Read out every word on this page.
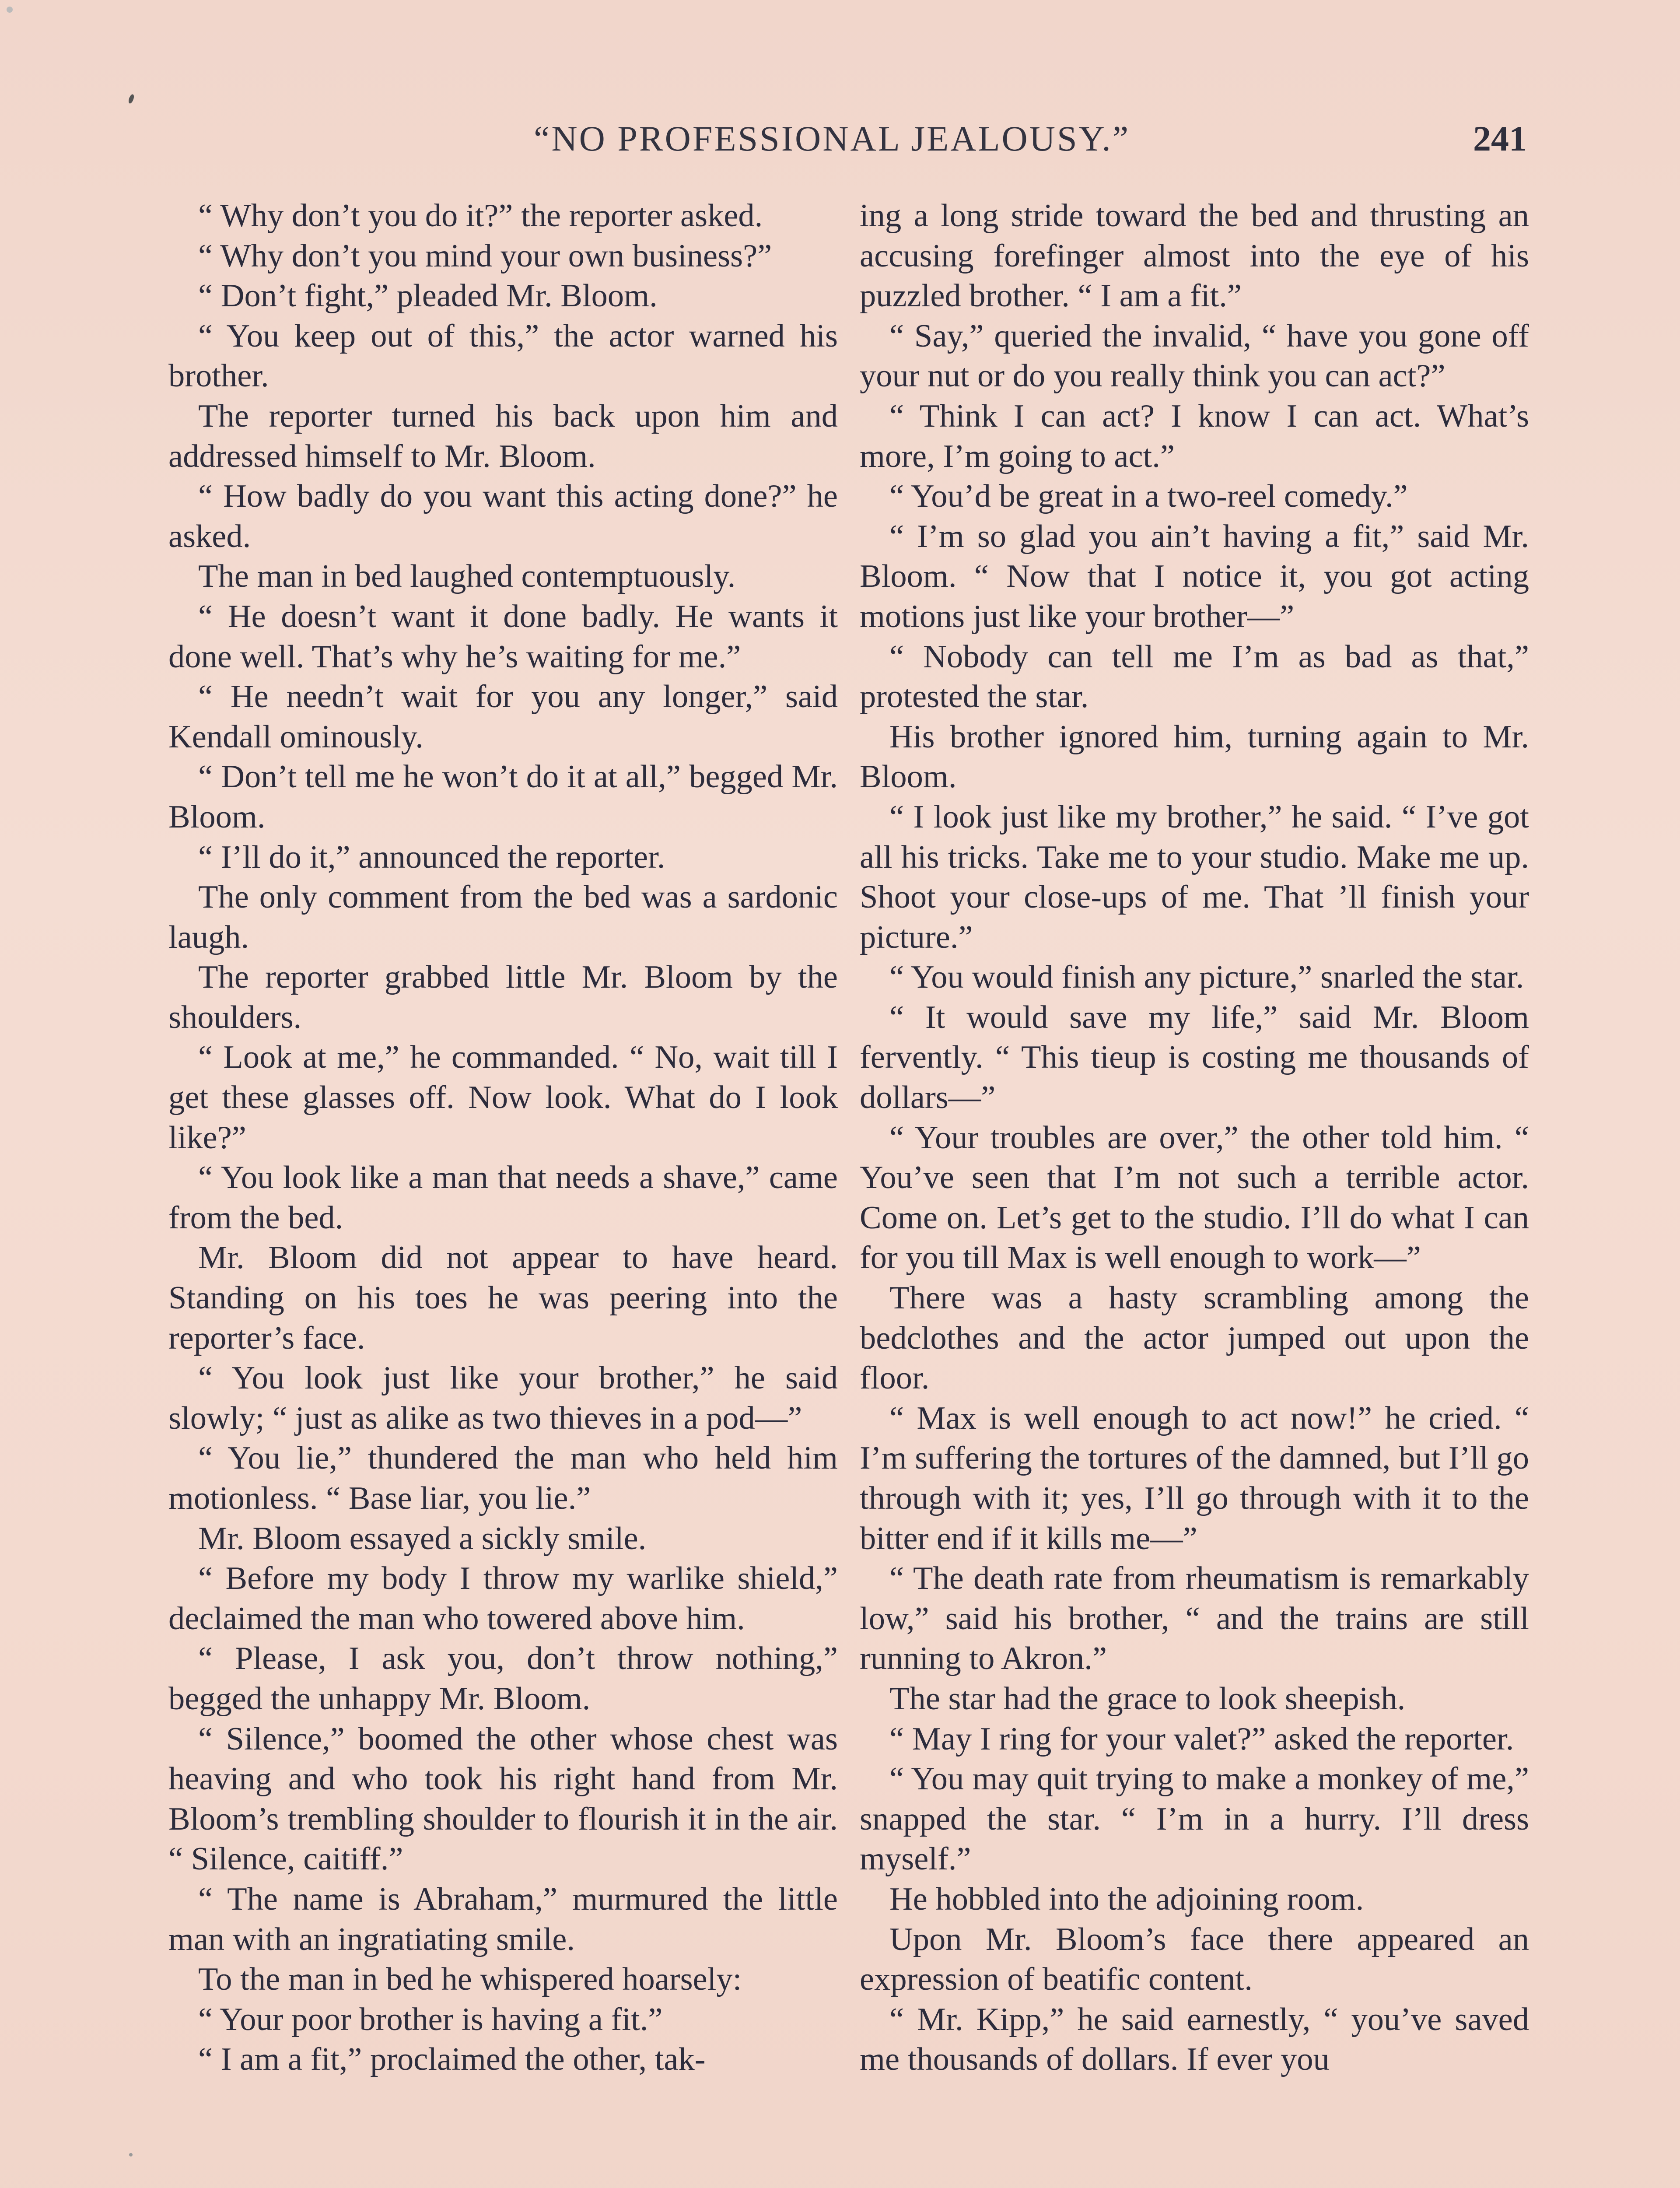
“NO PROFESSIONAL JEALOUSY.”	241

“ Why don’t you do it?” the reporter asked.

“ Why don’t you mind your own business?”

“ Don’t fight,” pleaded Mr. Bloom.

“ You keep out of this,” the actor warned his brother.

The reporter turned his back upon him and addressed himself to Mr. Bloom.

“ How badly do you want this acting done?” he asked.

The man in bed laughed contemptuously.

“ He doesn’t want it done badly. He wants it done well. That’s why he’s waiting for me.”

“ He needn’t wait for you any longer,” said Kendall ominously.

“ Don’t tell me he won’t do it at all,” begged Mr. Bloom.

“ I’ll do it,” announced the reporter.

The only comment from the bed was a sardonic laugh.

The reporter grabbed little Mr. Bloom by the shoulders.

“ Look at me,” he commanded. “ No, wait till I get these glasses off. Now look. What do I look like?”

“ You look like a man that needs a shave,” came from the bed.

Mr. Bloom did not appear to have heard. Standing on his toes he was peering into the reporter’s face.

“ You look just like your brother,” he said slowly; “ just as alike as two thieves in a pod—”

“ You lie,” thundered the man who held him motionless. “ Base liar, you lie.”

Mr. Bloom essayed a sickly smile.

“ Before my body I throw my warlike shield,” declaimed the man who towered above him.

“ Please, I ask you, don’t throw nothing,” begged the unhappy Mr. Bloom.

“ Silence,” boomed the other whose chest was heaving and who took his right hand from Mr. Bloom’s trembling shoulder to flourish it in the air. “ Silence, caitiff.”

“ The name is Abraham,” murmured the little man with an ingratiating smile.

To the man in bed he whispered hoarsely:

“ Your poor brother is having a fit.”

“ I am a fit,” proclaimed the other, tak-

ing a long stride toward the bed and thrusting an accusing forefinger almost into the eye of his puzzled brother. “ I am a fit.”

“ Say,” queried the invalid, “ have you gone off your nut or do you really think you can act?”

“ Think I can act? I know I can act. What’s more, I’m going to act.”

“ You’d be great in a two-reel comedy.”

“ I’m so glad you ain’t having a fit,” said Mr. Bloom. “ Now that I notice it, you got acting motions just like your brother—”

“ Nobody can tell me I’m as bad as that,” protested the star.

His brother ignored him, turning again to Mr. Bloom.

“ I look just like my brother,” he said. “ I’ve got all his tricks. Take me to your studio. Make me up. Shoot your close-ups of me. That ’ll finish your picture.”

“ You would finish any picture,” snarled the star.

“ It would save my life,” said Mr. Bloom fervently. “ This tieup is costing me thousands of dollars—”

“ Your troubles are over,” the other told him. “ You’ve seen that I’m not such a terrible actor. Come on. Let’s get to the studio. I’ll do what I can for you till Max is well enough to work—”

There was a hasty scrambling among the bedclothes and the actor jumped out upon the floor.

“ Max is well enough to act now!” he cried. “ I’m suffering the tortures of the damned, but I’ll go through with it; yes, I’ll go through with it to the bitter end if it kills me—”

“ The death rate from rheumatism is remarkably low,” said his brother, “ and the trains are still running to Akron.”

The star had the grace to look sheepish.

“ May I ring for your valet?” asked the reporter.

“ You may quit trying to make a monkey of me,” snapped the star. “ I’m in a hurry. I’ll dress myself.”

He hobbled into the adjoining room.

Upon Mr. Bloom’s face there appeared an expression of beatific content.

“ Mr. Kipp,” he said earnestly, “ you’ve saved me thousands of dollars. If ever you
